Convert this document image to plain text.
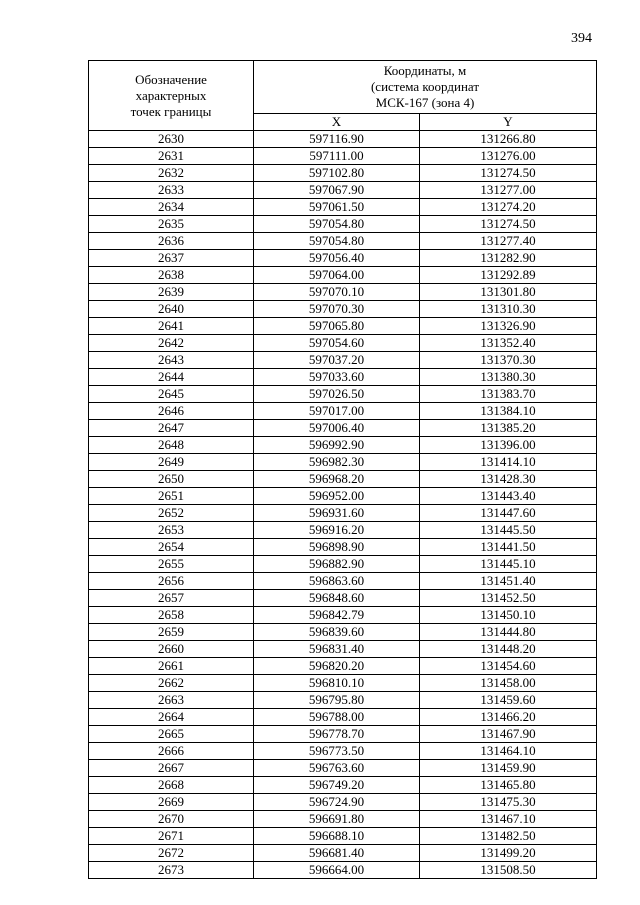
394
Обозначение
характерных
точек границы	Координаты, м
(система координат
МСК-167 (зона 4)	

	X	Y
2630	597116.90	131266.80
2631	597111.00	131276.00
2632	597102.80	131274.50
2633	597067.90	131277.00
2634	597061.50	131274.20
2635	597054.80	131274.50
2636	597054.80	131277.40
2637	597056.40	131282.90
2638	597064.00	131292.89
2639	597070.10	131301.80
2640	597070.30	131310.30
2641	597065.80	131326.90
2642	597054.60	131352.40
2643	597037.20	131370.30
2644	597033.60	131380.30
2645	597026.50	131383.70
2646	597017.00	131384.10
2647	597006.40	131385.20
2648	596992.90	131396.00
2649	596982.30	131414.10
2650	596968.20	131428.30
2651	596952.00	131443.40
2652	596931.60	131447.60
2653	596916.20	131445.50
2654	596898.90	131441.50
2655	596882.90	131445.10
2656	596863.60	131451.40
2657	596848.60	131452.50
2658	596842.79	131450.10
2659	596839.60	131444.80
2660	596831.40	131448.20
2661	596820.20	131454.60
2662	596810.10	131458.00
2663	596795.80	131459.60
2664	596788.00	131466.20
2665	596778.70	131467.90
2666	596773.50	131464.10
2667	596763.60	131459.90
2668	596749.20	131465.80
2669	596724.90	131475.30
2670	596691.80	131467.10
2671	596688.10	131482.50
2672	596681.40	131499.20
2673	596664.00	131508.50
